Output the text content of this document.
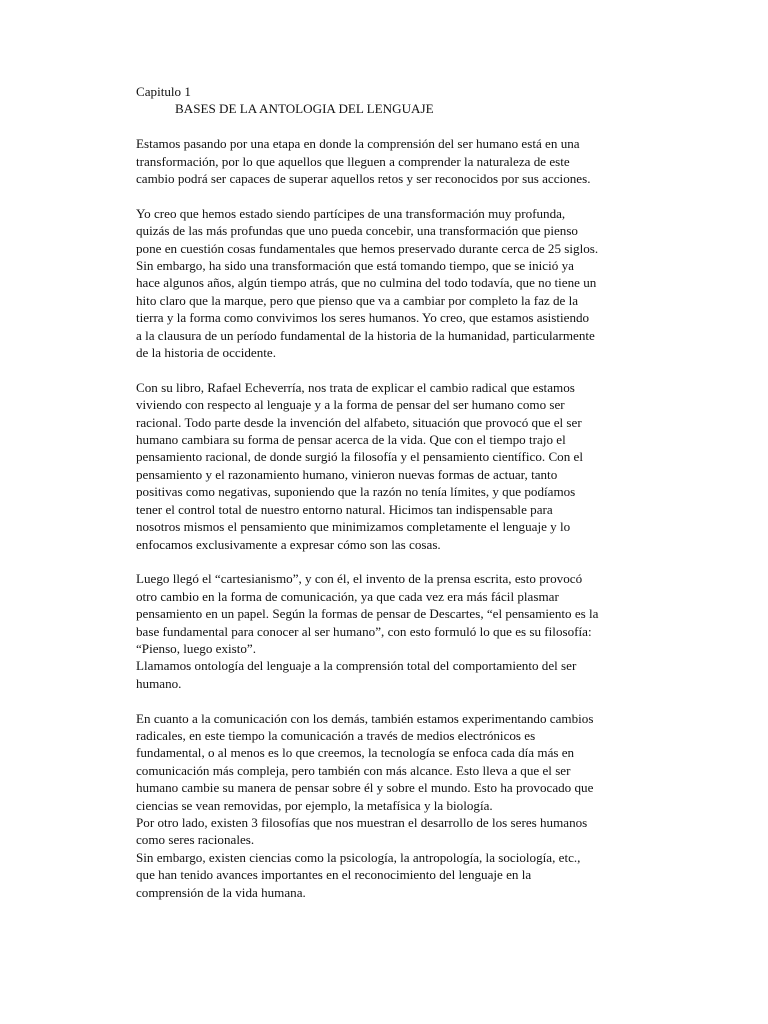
Capitulo 1

BASES DE LA ANTOLOGIA DEL LENGUAJE

Estamos pasando por una etapa en donde la comprensión del ser humano está en una
transformación, por lo que aquellos que lleguen a comprender la naturaleza de este
cambio podrá ser capaces de superar aquellos retos y ser reconocidos por sus acciones.

Yo creo que hemos estado siendo partícipes de una transformación muy profunda,
quizás de las más profundas que uno pueda concebir, una transformación que pienso
pone en cuestión cosas fundamentales que hemos preservado durante cerca de 25 siglos.
Sin embargo, ha sido una transformación que está tomando tiempo, que se inició ya
hace algunos años, algún tiempo atrás, que no culmina del todo todavía, que no tiene un
hito claro que la marque, pero que pienso que va a cambiar por completo la faz de la
tierra y la forma como convivimos los seres humanos. Yo creo, que estamos asistiendo
a la clausura de un período fundamental de la historia de la humanidad, particularmente
de la historia de occidente.

Con su libro, Rafael Echeverría, nos trata de explicar el cambio radical que estamos
viviendo con respecto al lenguaje y a la forma de pensar del ser humano como ser
racional. Todo parte desde la invención del alfabeto, situación que provocó que el ser
humano cambiara su forma de pensar acerca de la vida. Que con el tiempo trajo el
pensamiento racional, de donde surgió la filosofía y el pensamiento científico. Con el
pensamiento y el razonamiento humano, vinieron nuevas formas de actuar, tanto
positivas como negativas, suponiendo que la razón no tenía límites, y que podíamos
tener el control total de nuestro entorno natural. Hicimos tan indispensable para
nosotros mismos el pensamiento que minimizamos completamente el lenguaje y lo
enfocamos exclusivamente a expresar cómo son las cosas.

Luego llegó el “cartesianismo”, y con él, el invento de la prensa escrita, esto provocó
otro cambio en la forma de comunicación, ya que cada vez era más fácil plasmar
pensamiento en un papel. Según la formas de pensar de Descartes, “el pensamiento es la
base fundamental para conocer al ser humano”, con esto formuló lo que es su filosofía:
“Pienso, luego existo”.
Llamamos ontología del lenguaje a la comprensión total del comportamiento del ser
humano.

En cuanto a la comunicación con los demás, también estamos experimentando cambios
radicales, en este tiempo la comunicación a través de medios electrónicos es
fundamental, o al menos es lo que creemos, la tecnología se enfoca cada día más en
comunicación más compleja, pero también con más alcance. Esto lleva a que el ser
humano cambie su manera de pensar sobre él y sobre el mundo. Esto ha provocado que
ciencias se vean removidas, por ejemplo, la metafísica y la biología.
Por otro lado, existen 3 filosofías que nos muestran el desarrollo de los seres humanos
como seres racionales.
Sin embargo, existen ciencias como la psicología, la antropología, la sociología, etc.,
que han tenido avances importantes en el reconocimiento del lenguaje en la
comprensión de la vida humana.
